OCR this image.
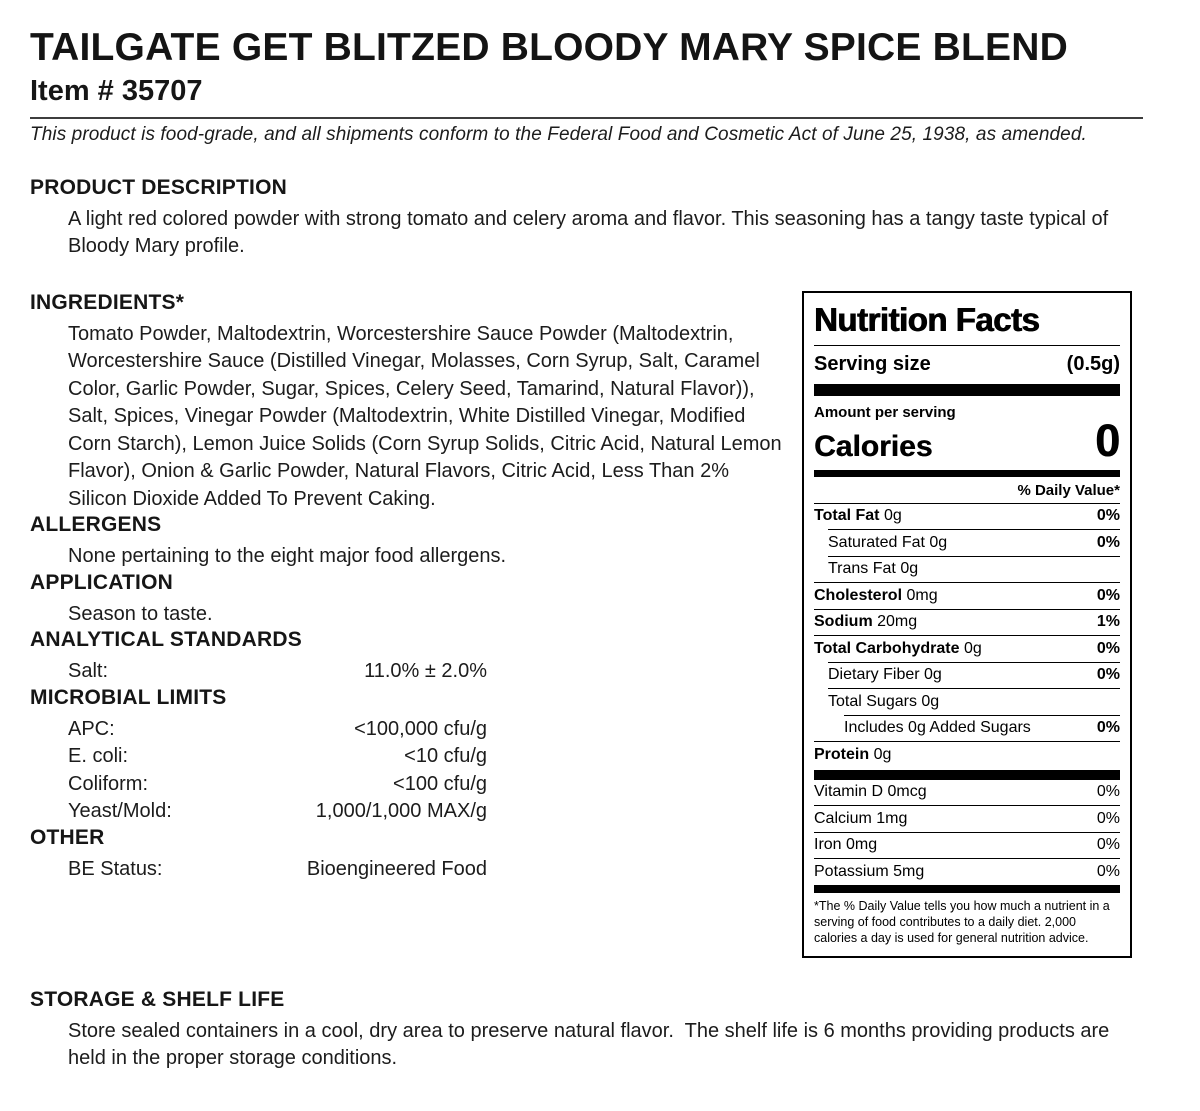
TAILGATE GET BLITZED BLOODY MARY SPICE BLEND
Item # 35707
This product is food-grade, and all shipments conform to the Federal Food and Cosmetic Act of June 25, 1938, as amended.
PRODUCT DESCRIPTION

A light red colored powder with strong tomato and celery aroma and flavor. This seasoning has a tangy taste typical of Bloody Mary profile.

INGREDIENTS*

Tomato Powder, Maltodextrin, Worcestershire Sauce Powder (Maltodextrin, Worcestershire Sauce (Distilled Vinegar, Molasses, Corn Syrup, Salt, Caramel Color, Garlic Powder, Sugar, Spices, Celery Seed, Tamarind, Natural Flavor)), Salt, Spices, Vinegar Powder (Maltodextrin, White Distilled Vinegar, Modified Corn Starch), Lemon Juice Solids (Corn Syrup Solids, Citric Acid, Natural Lemon Flavor), Onion & Garlic Powder, Natural Flavors, Citric Acid, Less Than 2% Silicon Dioxide Added To Prevent Caking.

ALLERGENS

None pertaining to the eight major food allergens.

APPLICATION

Season to taste.

ANALYTICAL STANDARDS
Salt:	11.0% ± 2.0%
MICROBIAL LIMITS
APC:	<100,000 cfu/g
E. coli:	<10 cfu/g
Coliform:	<100 cfu/g
Yeast/Mold:	1,000/1,000 MAX/g
OTHER
BE Status:	Bioengineered Food
Nutrition Facts
Serving size	(0.5g)
Amount per serving
Calories	0
% Daily Value*
Total Fat 0g	0%
Saturated Fat 0g	0%
Trans Fat 0g
Cholesterol 0mg	0%
Sodium 20mg	1%
Total Carbohydrate 0g	0%
Dietary Fiber 0g	0%
Total Sugars 0g
Includes 0g Added Sugars	0%
Protein 0g
Vitamin D 0mcg	0%
Calcium 1mg	0%
Iron 0mg	0%
Potassium 5mg	0%
*The % Daily Value tells you how much a nutrient in a serving of food contributes to a daily diet. 2,000 calories a day is used for general nutrition advice.
STORAGE & SHELF LIFE

Store sealed containers in a cool, dry area to preserve natural flavor.  The shelf life is 6 months providing products are held in the proper storage conditions.
